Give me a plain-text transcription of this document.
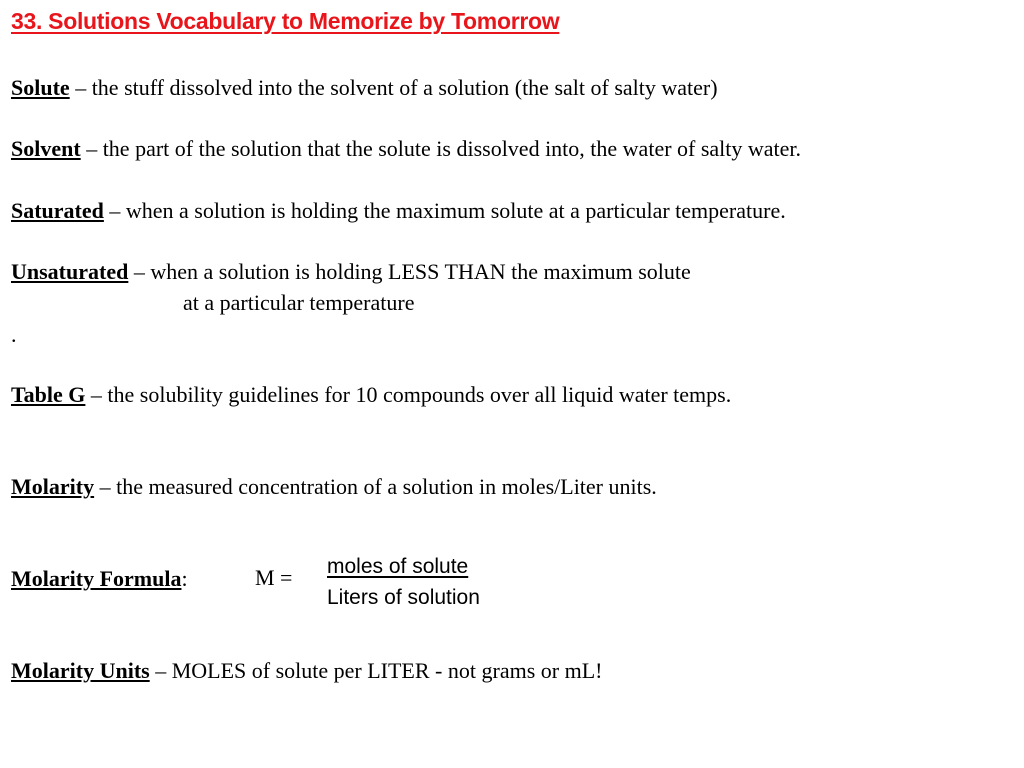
33. Solutions Vocabulary to Memorize by Tomorrow
Solute – the stuff dissolved into the solvent of a solution (the salt of salty water)
Solvent – the part of the solution that the solute is dissolved into, the water of salty water.
Saturated – when a solution is holding the maximum solute at a particular temperature.
Unsaturated – when a solution is holding LESS THAN the maximum solute
at a particular temperature
.
Table G – the solubility guidelines for 10 compounds over all liquid water temps.
Molarity – the measured concentration of a solution in moles/Liter units.
Molarity Formula:	M = moles of solute
Liters of solution
Molarity Units – MOLES of solute per LITER - not grams or mL!
